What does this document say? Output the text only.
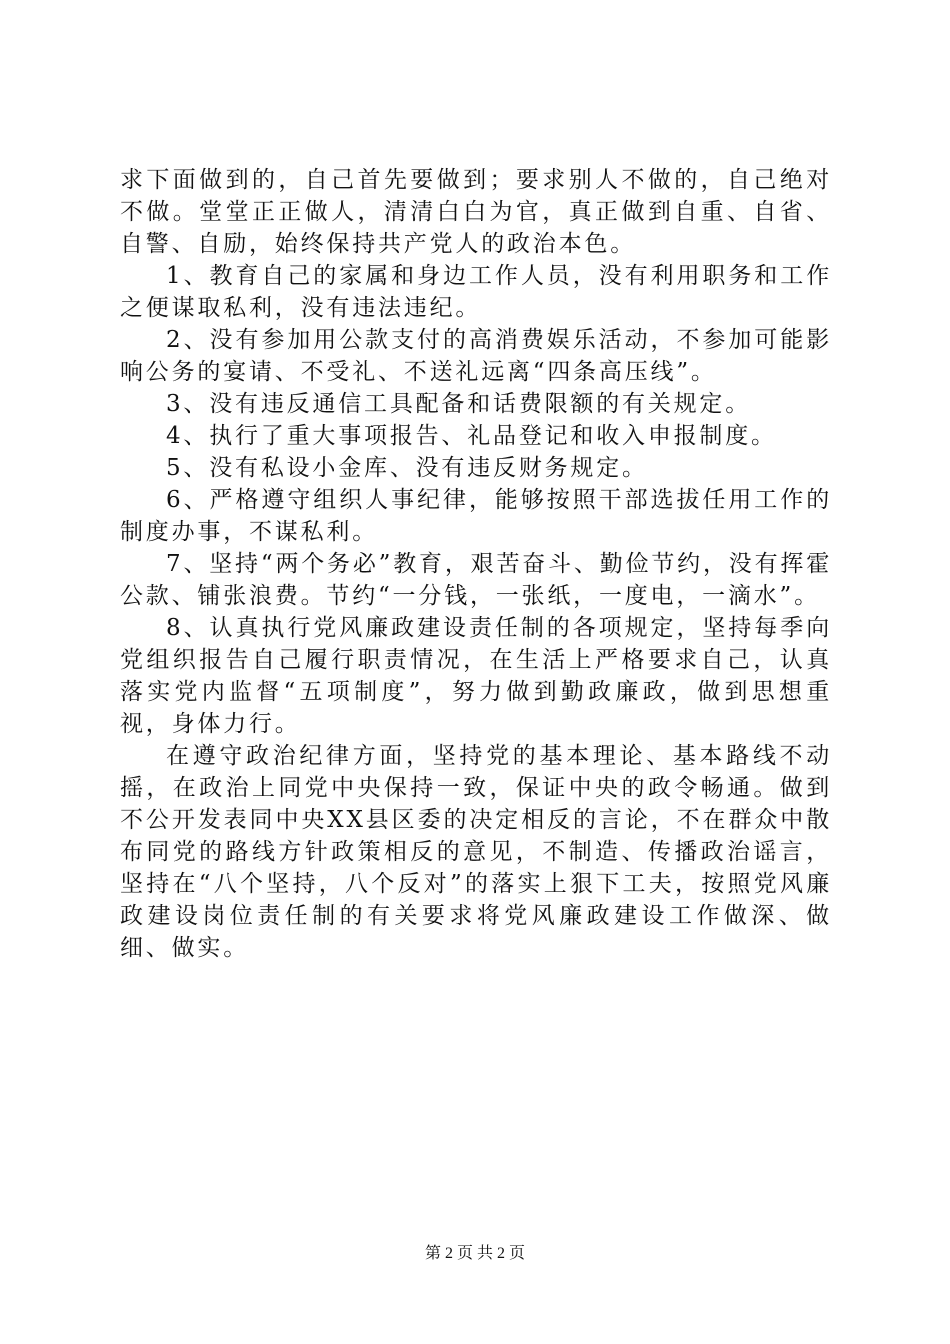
求下面做到的，自己首先要做到；要求别人不做的，自己绝对不做。堂堂正正做人，清清白白为官，真正做到自重、自省、自警、自励，始终保持共产党人的政治本色。

1、教育自己的家属和身边工作人员，没有利用职务和工作之便谋取私利，没有违法违纪。

2、没有参加用公款支付的高消费娱乐活动，不参加可能影响公务的宴请、不受礼、不送礼远离“四条高压线”。

3、没有违反通信工具配备和话费限额的有关规定。

4、执行了重大事项报告、礼品登记和收入申报制度。

5、没有私设小金库、没有违反财务规定。

6、严格遵守组织人事纪律，能够按照干部选拔任用工作的制度办事，不谋私利。

7、坚持“两个务必”教育，艰苦奋斗、勤俭节约，没有挥霍公款、铺张浪费。节约“一分钱，一张纸，一度电，一滴水”。

8、认真执行党风廉政建设责任制的各项规定，坚持每季向党组织报告自己履行职责情况，在生活上严格要求自己，认真落实党内监督“五项制度”，努力做到勤政廉政，做到思想重视，身体力行。

在遵守政治纪律方面，坚持党的基本理论、基本路线不动摇，在政治上同党中央保持一致，保证中央的政令畅通。做到不公开发表同中央XX县区委的决定相反的言论，不在群众中散布同党的路线方针政策相反的意见，不制造、传播政治谣言，坚持在“八个坚持，八个反对”的落实上狠下工夫，按照党风廉政建设岗位责任制的有关要求将党风廉政建设工作做深、做细、做实。

第 2 页 共 2 页
